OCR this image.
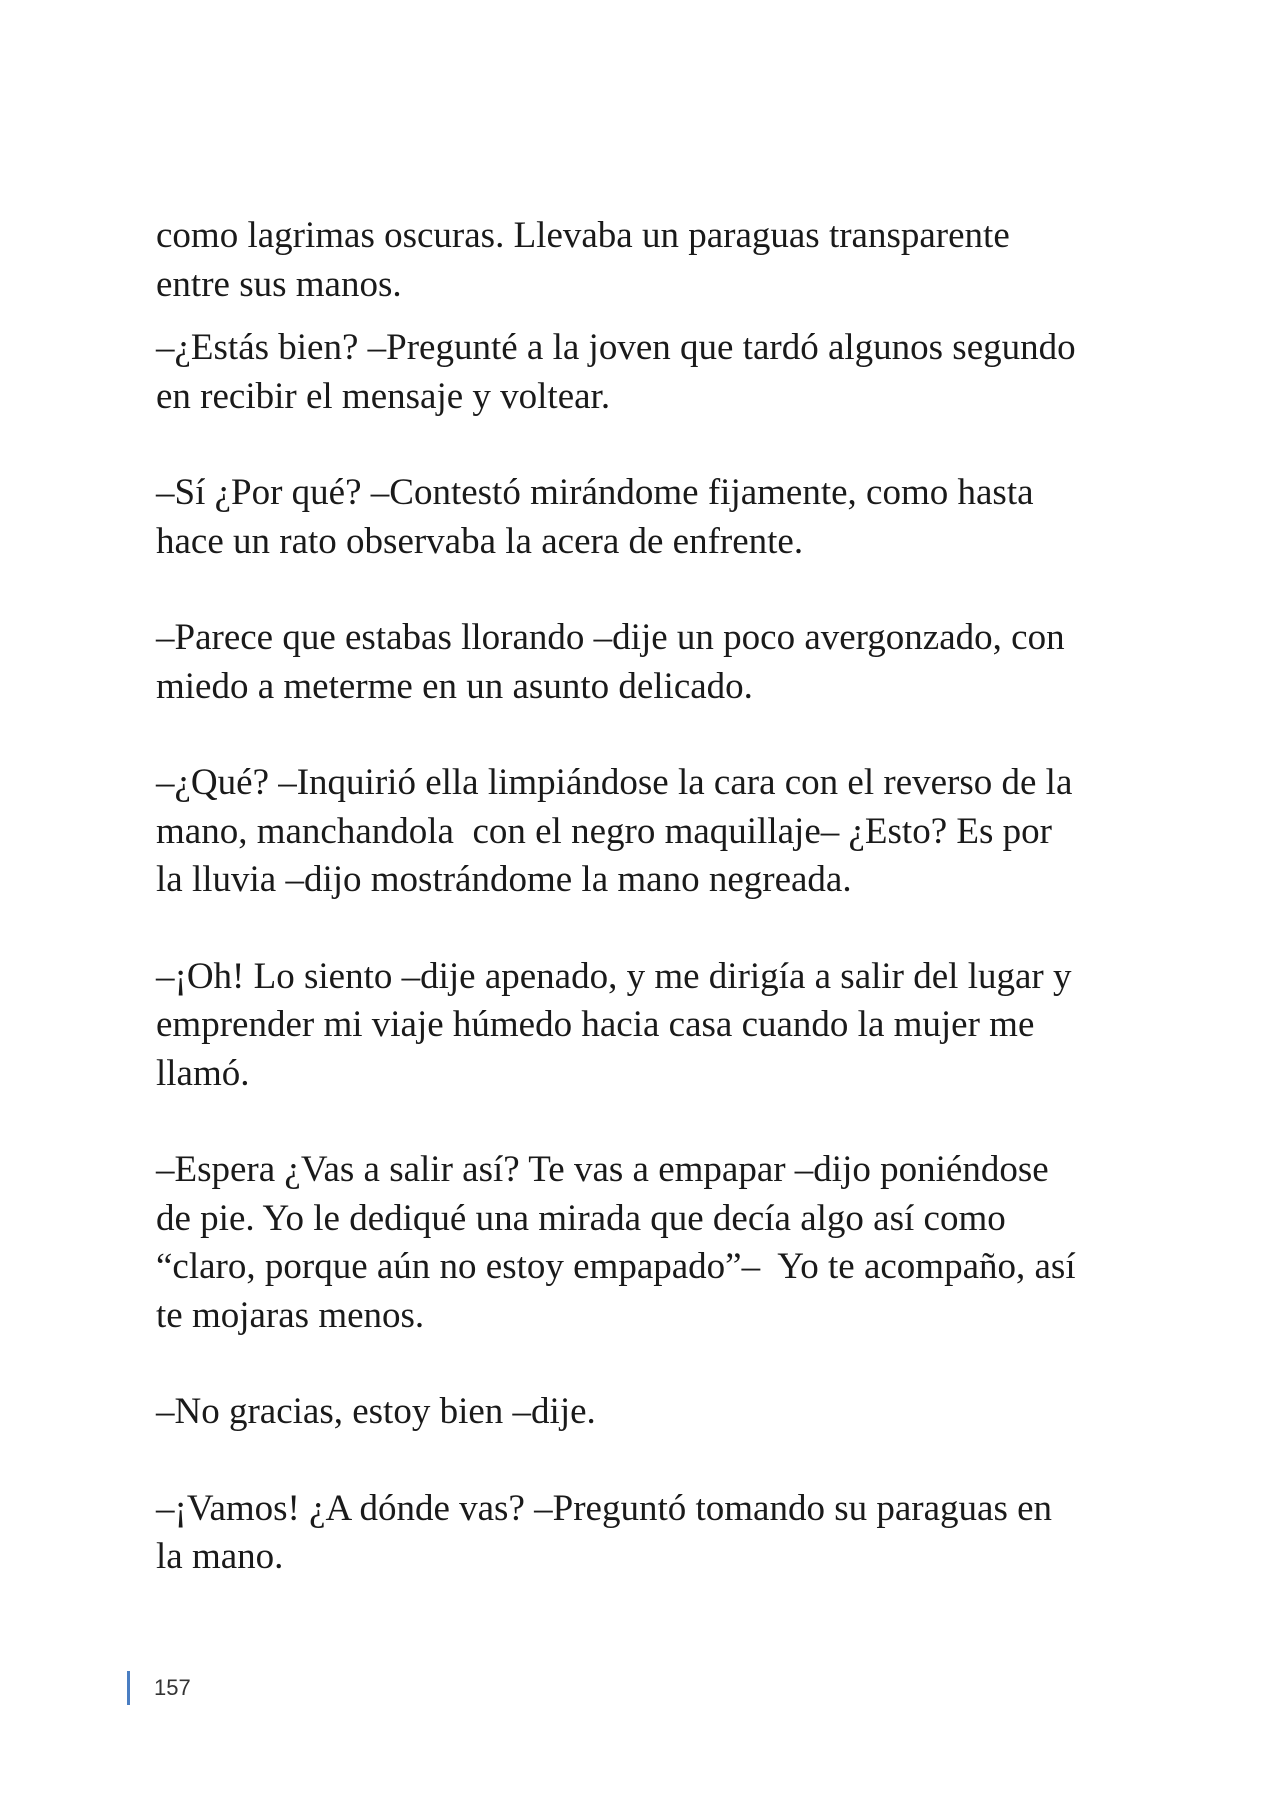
como lagrimas oscuras. Llevaba un paraguas transparente
entre sus manos.

–¿Estás bien? –Pregunté a la joven que tardó algunos segundo
en recibir el mensaje y voltear.

–Sí ¿Por qué? –Contestó mirándome fijamente, como hasta
hace un rato observaba la acera de enfrente.

–Parece que estabas llorando –dije un poco avergonzado, con
miedo a meterme en un asunto delicado.

–¿Qué? –Inquirió ella limpiándose la cara con el reverso de la
mano, manchandola  con el negro maquillaje– ¿Esto? Es por
la lluvia –dijo mostrándome la mano negreada.

–¡Oh! Lo siento –dije apenado, y me dirigía a salir del lugar y
emprender mi viaje húmedo hacia casa cuando la mujer me
llamó.

–Espera ¿Vas a salir así? Te vas a empapar –dijo poniéndose
de pie. Yo le dediqué una mirada que decía algo así como
“claro, porque aún no estoy empapado”–  Yo te acompaño, así
te mojaras menos.

–No gracias, estoy bien –dije.

–¡Vamos! ¿A dónde vas? –Preguntó tomando su paraguas en
la mano.

157
